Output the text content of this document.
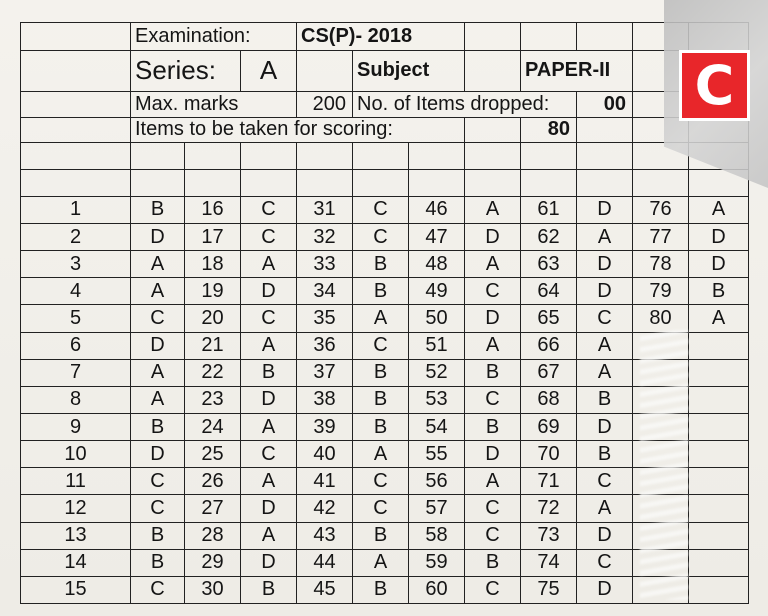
	Examination:			CS(P)- 2018							
	Series:		A		Subject			PAPER-II			
	Max. marks			200	No. of Items dropped:				00		
	Items to be taken for scoring:							80			

1	B	16	C	31	C	46	A	61	D	76	A
2	D	17	C	32	C	47	D	62	A	77	D
3	A	18	A	33	B	48	A	63	D	78	D
4	A	19	D	34	B	49	C	64	D	79	B
5	C	20	C	35	A	50	D	65	C	80	A
6	D	21	A	36	C	51	A	66	A		
7	A	22	B	37	B	52	B	67	A		
8	A	23	D	38	B	53	C	68	B		
9	B	24	A	39	B	54	B	69	D		
10	D	25	C	40	A	55	D	70	B		
11	C	26	A	41	C	56	A	71	C		
12	C	27	D	42	C	57	C	72	A		
13	B	28	A	43	B	58	C	73	D		
14	B	29	D	44	A	59	B	74	C		
15	C	30	B	45	B	60	C	75	D		
C
